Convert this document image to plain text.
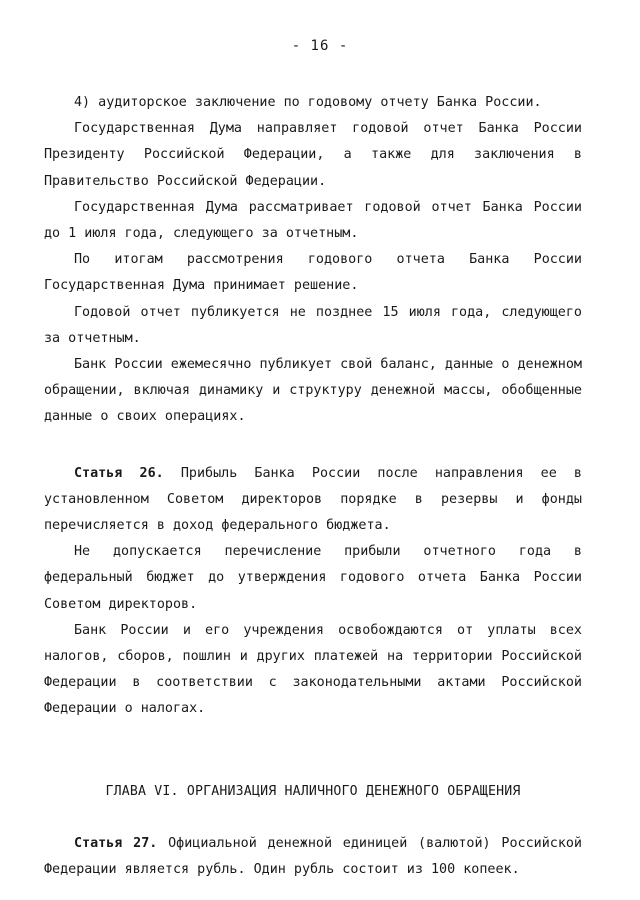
- 16 -

4) аудиторское заключение по годовому отчету Банка России.

Государственная Дума направляет годовой отчет Банка России Президенту Российской Федерации, а также для заключения в Правительство Российской Федерации.

Государственная Дума рассматривает годовой отчет Банка России до 1 июля года, следующего за отчетным.

По итогам рассмотрения годового отчета Банка России Государственная Дума принимает решение.

Годовой отчет публикуется не позднее 15 июля года, следующего за отчетным.

Банк России ежемесячно публикует свой баланс, данные о денежном обращении, включая динамику и структуру денежной массы, обобщенные данные о своих операциях.

Статья 26. Прибыль Банка России после направления ее в установленном Советом директоров порядке в резервы и фонды перечисляется в доход федерального бюджета.

Не допускается перечисление прибыли отчетного года в федеральный бюджет до утверждения годового отчета Банка России Советом директоров.

Банк России и его учреждения освобождаются от уплаты всех налогов, сборов, пошлин и других платежей на территории Российской Федерации в соответствии с законодательными актами Российской Федерации о налогах.

ГЛАВА VI. ОРГАНИЗАЦИЯ НАЛИЧНОГО ДЕНЕЖНОГО ОБРАЩЕНИЯ

Статья 27. Официальной денежной единицей (валютой) Российской Федерации является рубль. Один рубль состоит из 100 копеек.
